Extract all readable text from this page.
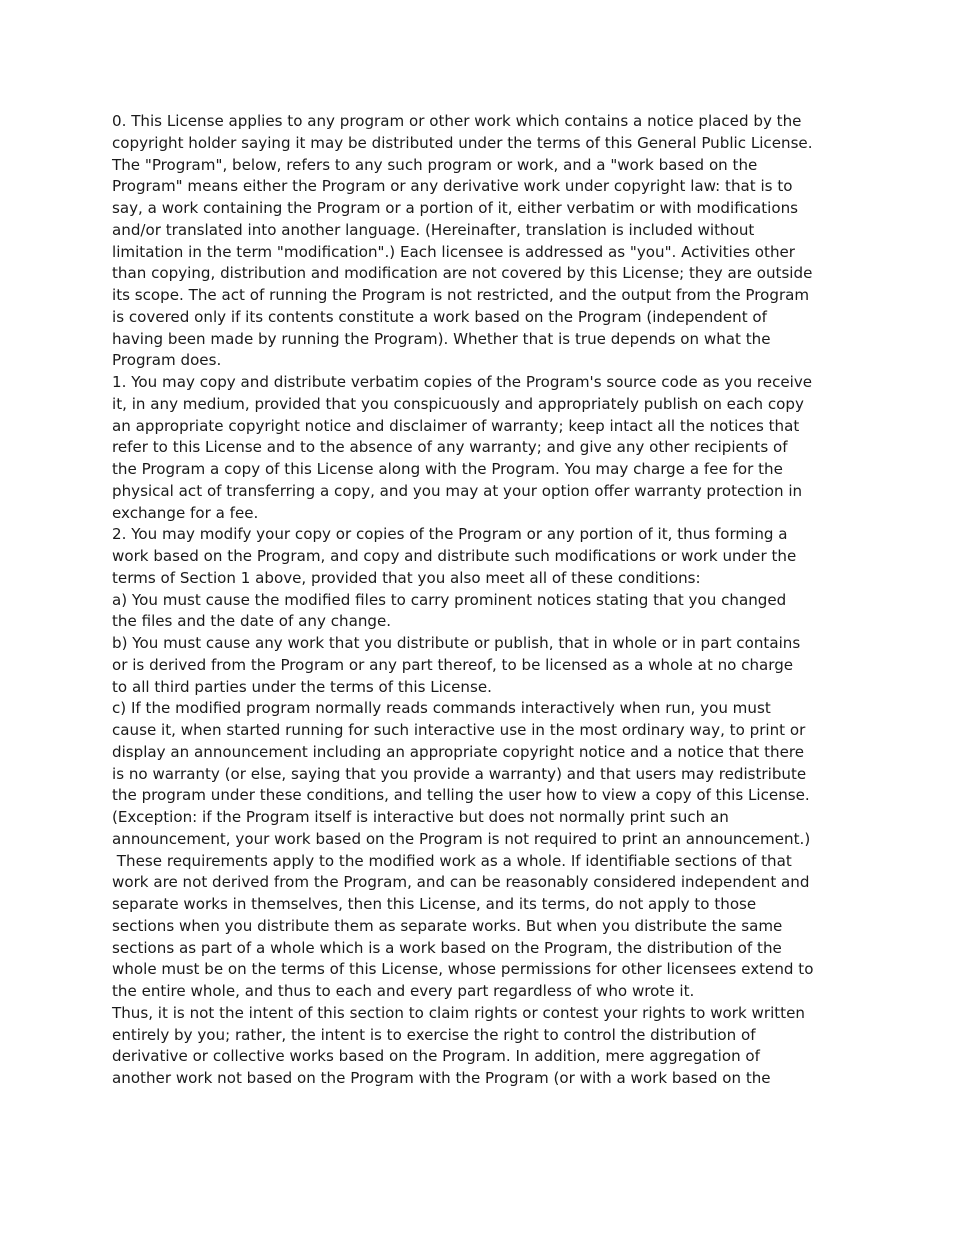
0. This License applies to any program or other work which contains a notice placed by the
copyright holder saying it may be distributed under the terms of this General Public License.
The "Program", below, refers to any such program or work, and a "work based on the
Program" means either the Program or any derivative work under copyright law: that is to
say, a work containing the Program or a portion of it, either verbatim or with modifications
and/or translated into another language. (Hereinafter, translation is included without
limitation in the term "modification".) Each licensee is addressed as "you". Activities other
than copying, distribution and modification are not covered by this License; they are outside
its scope. The act of running the Program is not restricted, and the output from the Program
is covered only if its contents constitute a work based on the Program (independent of
having been made by running the Program). Whether that is true depends on what the
Program does.
1. You may copy and distribute verbatim copies of the Program's source code as you receive
it, in any medium, provided that you conspicuously and appropriately publish on each copy
an appropriate copyright notice and disclaimer of warranty; keep intact all the notices that
refer to this License and to the absence of any warranty; and give any other recipients of
the Program a copy of this License along with the Program. You may charge a fee for the
physical act of transferring a copy, and you may at your option offer warranty protection in
exchange for a fee.
2. You may modify your copy or copies of the Program or any portion of it, thus forming a
work based on the Program, and copy and distribute such modifications or work under the
terms of Section 1 above, provided that you also meet all of these conditions:
a) You must cause the modified files to carry prominent notices stating that you changed
the files and the date of any change.
b) You must cause any work that you distribute or publish, that in whole or in part contains
or is derived from the Program or any part thereof, to be licensed as a whole at no charge
to all third parties under the terms of this License.
c) If the modified program normally reads commands interactively when run, you must
cause it, when started running for such interactive use in the most ordinary way, to print or
display an announcement including an appropriate copyright notice and a notice that there
is no warranty (or else, saying that you provide a warranty) and that users may redistribute
the program under these conditions, and telling the user how to view a copy of this License.
(Exception: if the Program itself is interactive but does not normally print such an
announcement, your work based on the Program is not required to print an announcement.)
These requirements apply to the modified work as a whole. If identifiable sections of that
work are not derived from the Program, and can be reasonably considered independent and
separate works in themselves, then this License, and its terms, do not apply to those
sections when you distribute them as separate works. But when you distribute the same
sections as part of a whole which is a work based on the Program, the distribution of the
whole must be on the terms of this License, whose permissions for other licensees extend to
the entire whole, and thus to each and every part regardless of who wrote it.
Thus, it is not the intent of this section to claim rights or contest your rights to work written
entirely by you; rather, the intent is to exercise the right to control the distribution of
derivative or collective works based on the Program. In addition, mere aggregation of
another work not based on the Program with the Program (or with a work based on the
